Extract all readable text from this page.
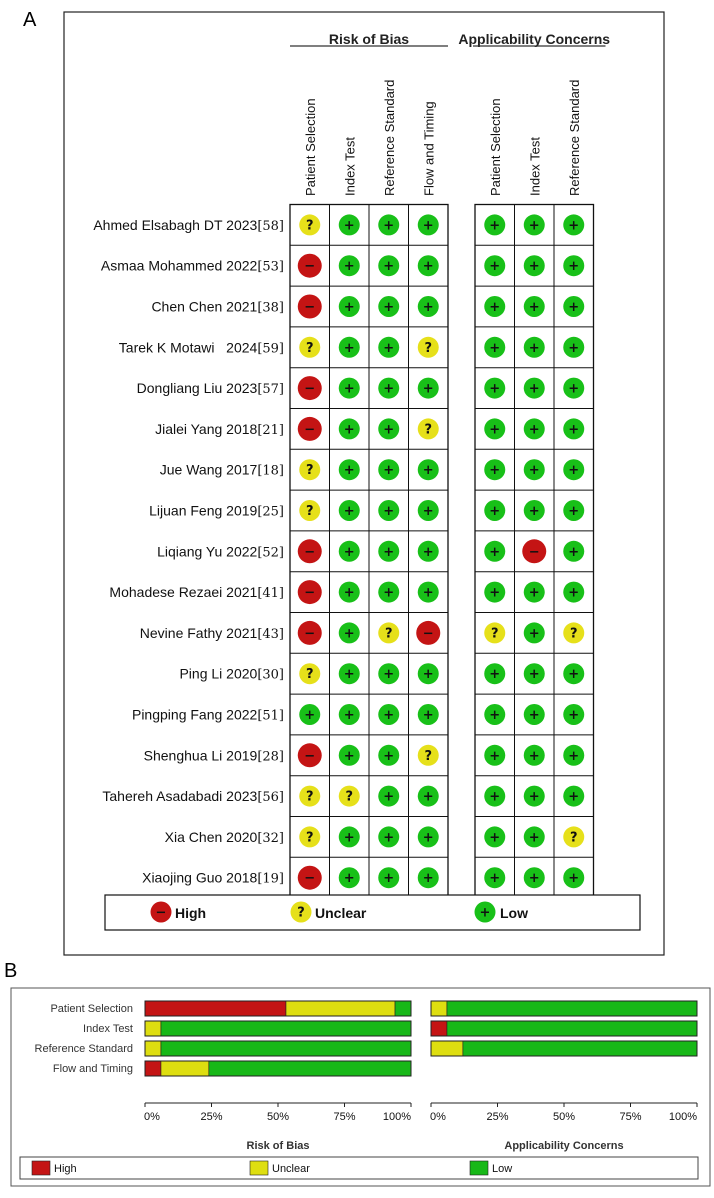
A
Risk of Bias	Applicability Concerns
Patient Selection Index Test Reference Standard Flow and Timing	Patient Selection Index Test Reference Standard
Ahmed Elsabagh DT 2023[58] ? + + +	+ + +
Asmaa Mohammed 2022[53] − + + +	+ + +
Chen Chen 2021[38] − + + +	+ + +
Tarek K Motawi   2024[59] ? + + ?	+ + +
Dongliang Liu 2023[57] − + + +	+ + +
Jialei Yang 2018[21] − + + ?	+ + +
Jue Wang 2017[18] ? + + +	+ + +
Lijuan Feng 2019[25] ? + + +	+ + +
Liqiang Yu 2022[52] − + + +	+ − +
Mohadese Rezaei 2021[41] − + + +	+ + +
Nevine Fathy 2021[43] − + ? −	? + ?
Ping Li 2020[30] ? + + +	+ + +
Pingping Fang 2022[51] + + + +	+ + +
Shenghua Li 2019[28] − + + ?	+ + +
Tahereh Asadabadi 2023[56] ? ? + +	+ + +
Xia Chen 2020[32] ? + + +	+ + ?
Xiaojing Guo 2018[19] − + + +	+ + +
− High	? Unclear	+ Low
B
Patient Selection
Index Test
Reference Standard
Flow and Timing
0%	25%	50%	75% 100%
Risk of Bias
0%	25%	50%	75% 100%
Applicability Concerns
High	Unclear	Low
